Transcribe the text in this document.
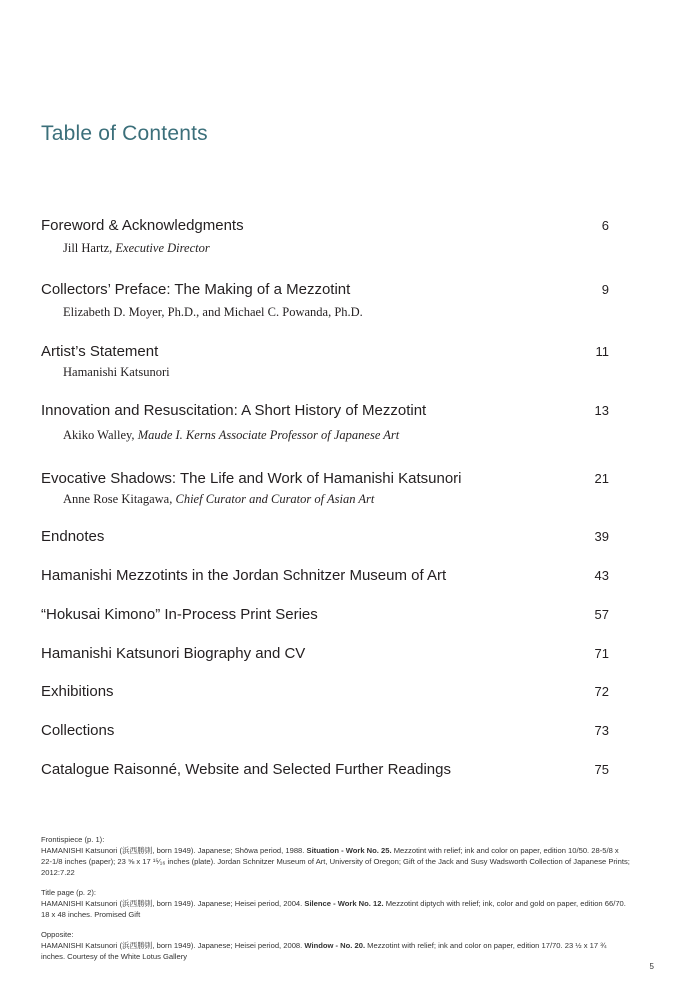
Table of Contents
Foreword & Acknowledgments	6
Jill Hartz, Executive Director
Collectors’ Preface: The Making of a Mezzotint	9
Elizabeth D. Moyer, Ph.D., and Michael C. Powanda, Ph.D.
Artist’s Statement	11
Hamanishi Katsunori
Innovation and Resuscitation: A Short History of Mezzotint	13
Akiko Walley, Maude I. Kerns Associate Professor of Japanese Art
Evocative Shadows: The Life and Work of Hamanishi Katsunori	21
Anne Rose Kitagawa, Chief Curator and Curator of Asian Art
Endnotes	39
Hamanishi Mezzotints in the Jordan Schnitzer Museum of Art	43
“Hokusai Kimono” In-Process Print Series	57
Hamanishi Katsunori Biography and CV	71
Exhibitions	72
Collections	73
Catalogue Raisonné, Website and Selected Further Readings	75

Frontispiece (p. 1):
HAMANISHI Katsunori (浜西勝則, born 1949). Japanese; Shōwa period, 1988. Situation - Work No. 25. Mezzotint with relief; ink and color on paper, edition 10/50. 28-5/8 x 22-1/8 inches (paper); 23 ⅝ x 17 ¹⁵⁄₁₆ inches (plate). Jordan Schnitzer Museum of Art, University of Oregon; Gift of the Jack and Susy Wadsworth Collection of Japanese Prints; 2012:7.22

Title page (p. 2):
HAMANISHI Katsunori (浜西勝則, born 1949). Japanese; Heisei period, 2004. Silence - Work No. 12. Mezzotint diptych with relief; ink, color and gold on paper, edition 66/70. 18 x 48 inches. Promised Gift

Opposite:
HAMANISHI Katsunori (浜西勝則, born 1949). Japanese; Heisei period, 2008. Window - No. 20. Mezzotint with relief; ink and color on paper, edition 17/70. 23 ½ x 17 ¾ inches. Courtesy of the White Lotus Gallery

5
